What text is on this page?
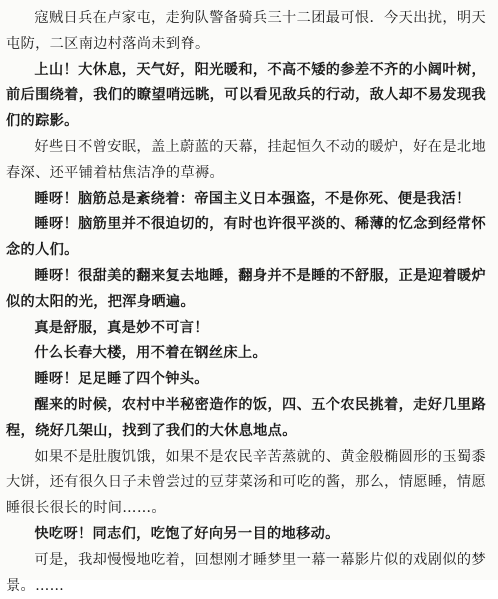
寇贼日兵在卢家屯，走狗队警备骑兵三十二团最可恨．今天出扰，明天屯防，二区南边村落尚未到脊。

上山！大休息，天气好，阳光暖和，不高不矮的参差不齐的小阔叶树，前后围绕着，我们的瞭望哨远眺，可以看见敌兵的行动，敌人却不易发现我们的踪影。

好些日不曾安眠，盖上蔚蓝的天幕，挂起恒久不动的暖炉，好在是北地春深、还平铺着枯焦洁净的草褥。

睡呀！脑筋总是紊绕着：帝国主义日本强盗，不是你死、便是我活！

睡呀！脑筋里并不很迫切的，有时也许很平淡的、稀薄的忆念到经常怀念的人们。

睡呀！很甜美的翻来复去地睡，翻身并不是睡的不舒服，正是迎着暖炉似的太阳的光，把浑身晒遍。

真是舒服，真是妙不可言！

什么长春大楼，用不着在钢丝床上。

睡呀！足足睡了四个钟头。

醒来的时候，农村中半秘密造作的饭，四、五个农民挑着，走好几里路程，绕好几架山，找到了我们的大休息地点。

如果不是肚腹饥饿，如果不是农民辛苦蒸就的、黄金般椭圆形的玉蜀黍大饼，还有很久日子未曾尝过的豆芽菜汤和可吃的酱，那么，情愿睡，情愿睡很长很长的时间……。

快吃呀！同志们，吃饱了好向另一目的地移动。

可是，我却慢慢地吃着，回想刚才睡梦里一幕一幕影片似的戏剧似的梦景。……
